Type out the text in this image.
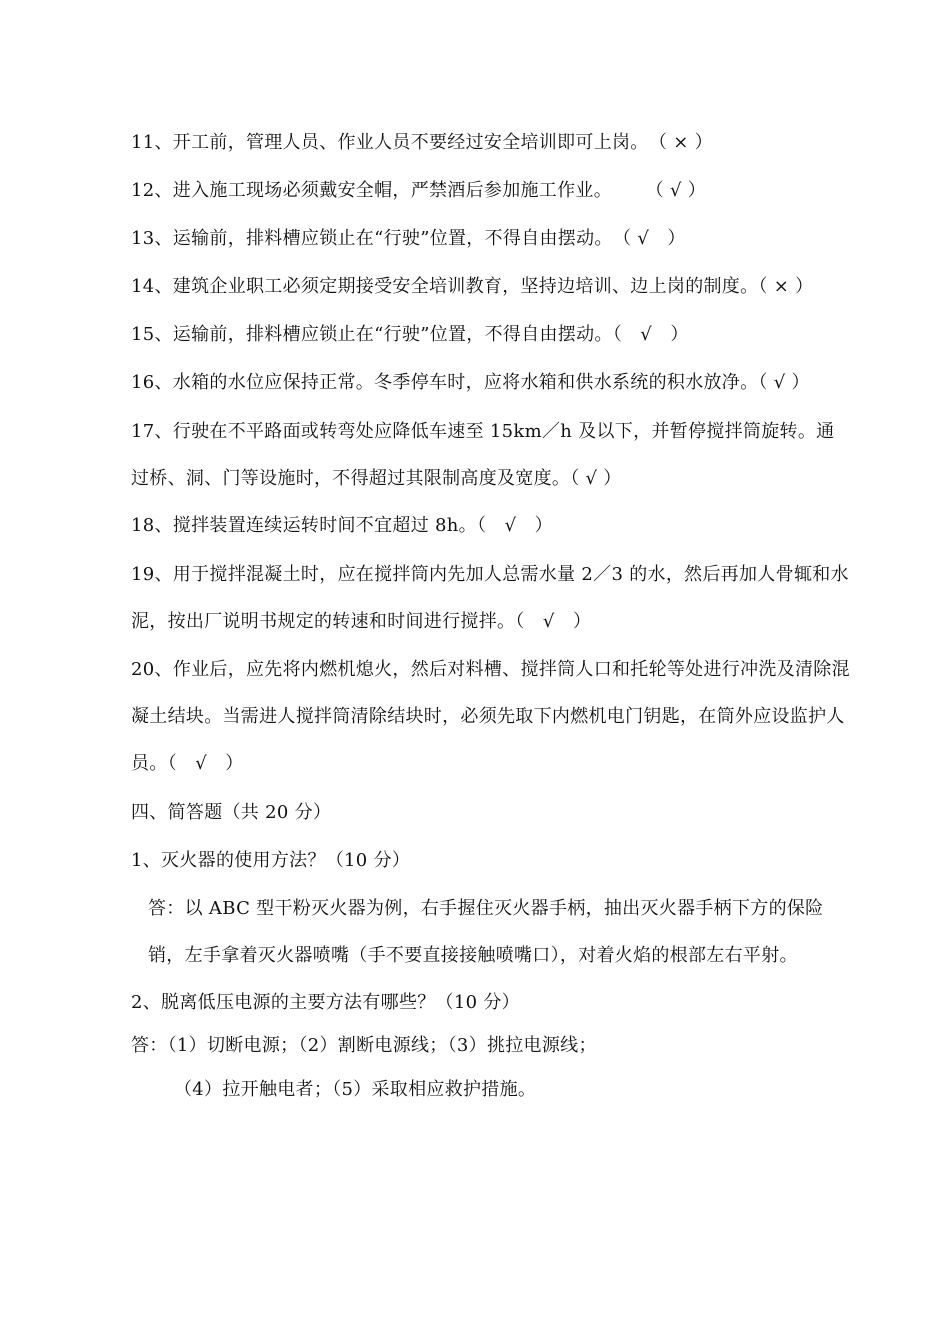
11、开工前，管理人员、作业人员不要经过安全培训即可上岗。　（ × ）
12、进入施工现场必须戴安全帽，严禁酒后参加施工作业。　　 （ √ ）
13、运输前，排料槽应锁止在“行驶”位置，不得自由摆动。　（ √　）
14、建筑企业职工必须定期接受安全培训教育，坚持边培训、边上岗的制度。（ × ）
15、运输前，排料槽应锁止在“行驶”位置，不得自由摆动。（　√　）
16、水箱的水位应保持正常。冬季停车时，应将水箱和供水系统的积水放净。（ √ ）
17、行驶在不平路面或转弯处应降低车速至 15km／h 及以下，并暂停搅拌筒旋转。通过桥、洞、门等设施时，不得超过其限制高度及宽度。（ √ ）
18、搅拌装置连续运转时间不宜超过 8h。（　√　）
19、用于搅拌混凝土时，应在搅拌筒内先加人总需水量 2／3 的水，然后再加人骨辄和水泥，按出厂说明书规定的转速和时间进行搅拌。（　√　）
20、作业后，应先将内燃机熄火，然后对料槽、搅拌筒人口和托轮等处进行冲洗及清除混凝土结块。当需进人搅拌筒清除结块时，必须先取下内燃机电门钥匙，在筒外应设监护人员。（　√　）
四、简答题（共 20 分）
1、灭火器的使用方法？（10 分）
答：以 ABC 型干粉灭火器为例，右手握住灭火器手柄，抽出灭火器手柄下方的保险销，左手拿着灭火器喷嘴（手不要直接接触喷嘴口），对着火焰的根部左右平射。
2、脱离低压电源的主要方法有哪些？（10 分）
答：（1）切断电源；（2）割断电源线；（3）挑拉电源线；
（4）拉开触电者；（5）采取相应救护措施。
